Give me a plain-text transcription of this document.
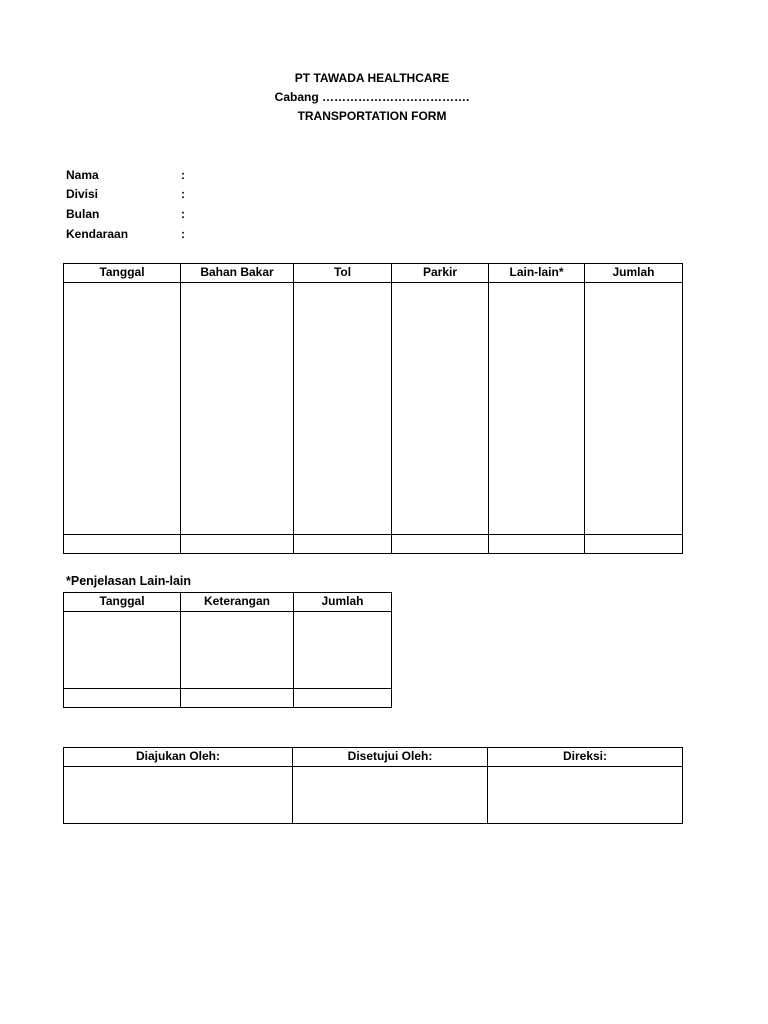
PT TAWADA HEALTHCARE
Cabang ……………………………….
TRANSPORTATION FORM
Nama	:
Divisi	:
Bulan	:
Kendaraan	:
Tanggal	Bahan Bakar	Tol	Parkir	Lain-lain*	Jumlah

*Penjelasan Lain-lain
Tanggal	Keterangan	Jumlah

Diajukan Oleh:	Disetujui Oleh:	Direksi:
